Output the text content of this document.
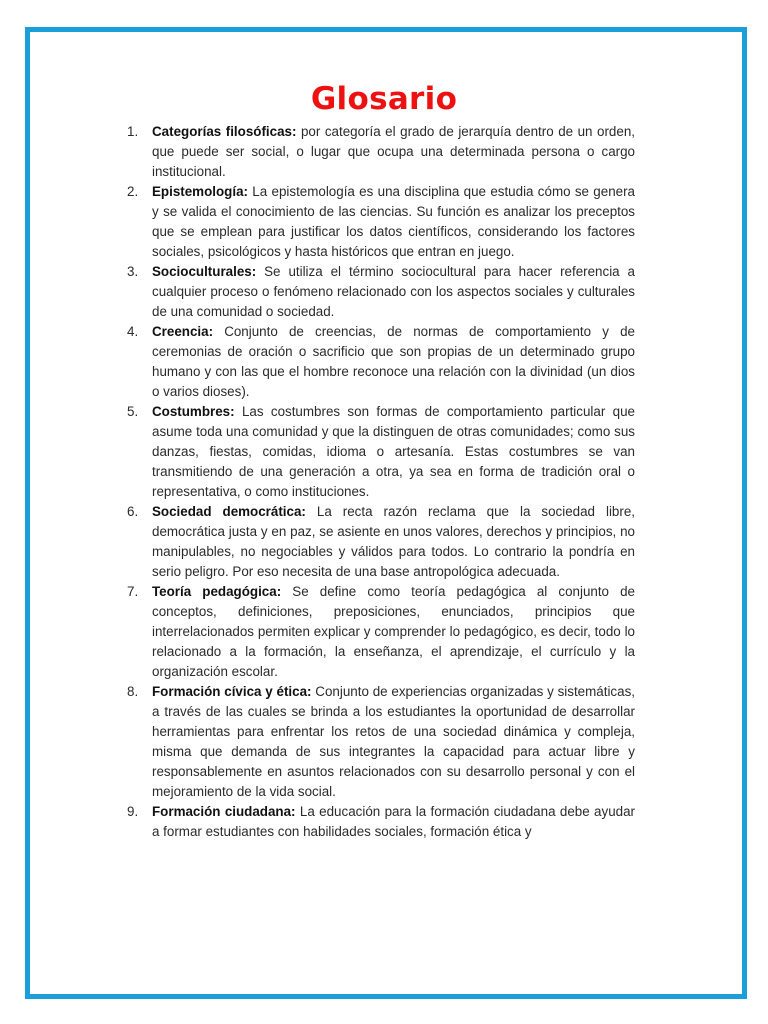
Glosario
1.	Categorías filosóficas: por categoría el grado de jerarquía dentro de un orden, que puede ser social, o lugar que ocupa una determinada persona o cargo institucional.
2.	Epistemología: La epistemología es una disciplina que estudia cómo se genera y se valida el conocimiento de las ciencias. Su función es analizar los preceptos que se emplean para justificar los datos científicos, considerando los factores sociales, psicológicos y hasta históricos que entran en juego.
3.	Socioculturales: Se utiliza el término sociocultural para hacer referencia a cualquier proceso o fenómeno relacionado con los aspectos sociales y culturales de una comunidad o sociedad.
4.	Creencia: Conjunto de creencias, de normas de comportamiento y de ceremonias de oración o sacrificio que son propias de un determinado grupo humano y con las que el hombre reconoce una relación con la divinidad (un dios o varios dioses).
5.	Costumbres: Las costumbres son formas de comportamiento particular que asume toda una comunidad y que la distinguen de otras comunidades; como sus danzas, fiestas, comidas, idioma o artesanía. Estas costumbres se van transmitiendo de una generación a otra, ya sea en forma de tradición oral o representativa, o como instituciones.
6.	Sociedad democrática: La recta razón reclama que la sociedad libre, democrática justa y en paz, se asiente en unos valores, derechos y principios, no manipulables, no negociables y válidos para todos. Lo contrario la pondría en serio peligro. Por eso necesita de una base antropológica adecuada.
7.	Teoría pedagógica: Se define como teoría pedagógica al conjunto de conceptos, definiciones, preposiciones, enunciados, principios que interrelacionados permiten explicar y comprender lo pedagógico, es decir, todo lo relacionado a la formación, la enseñanza, el aprendizaje, el currículo y la organización escolar.
8.	Formación cívica y ética: Conjunto de experiencias organizadas y sistemáticas, a través de las cuales se brinda a los estudiantes la oportunidad de desarrollar herramientas para enfrentar los retos de una sociedad dinámica y compleja, misma que demanda de sus integrantes la capacidad para actuar libre y responsablemente en asuntos relacionados con su desarrollo personal y con el mejoramiento de la vida social.
9.	Formación ciudadana: La educación para la formación ciudadana debe ayudar a formar estudiantes con habilidades sociales, formación ética y
